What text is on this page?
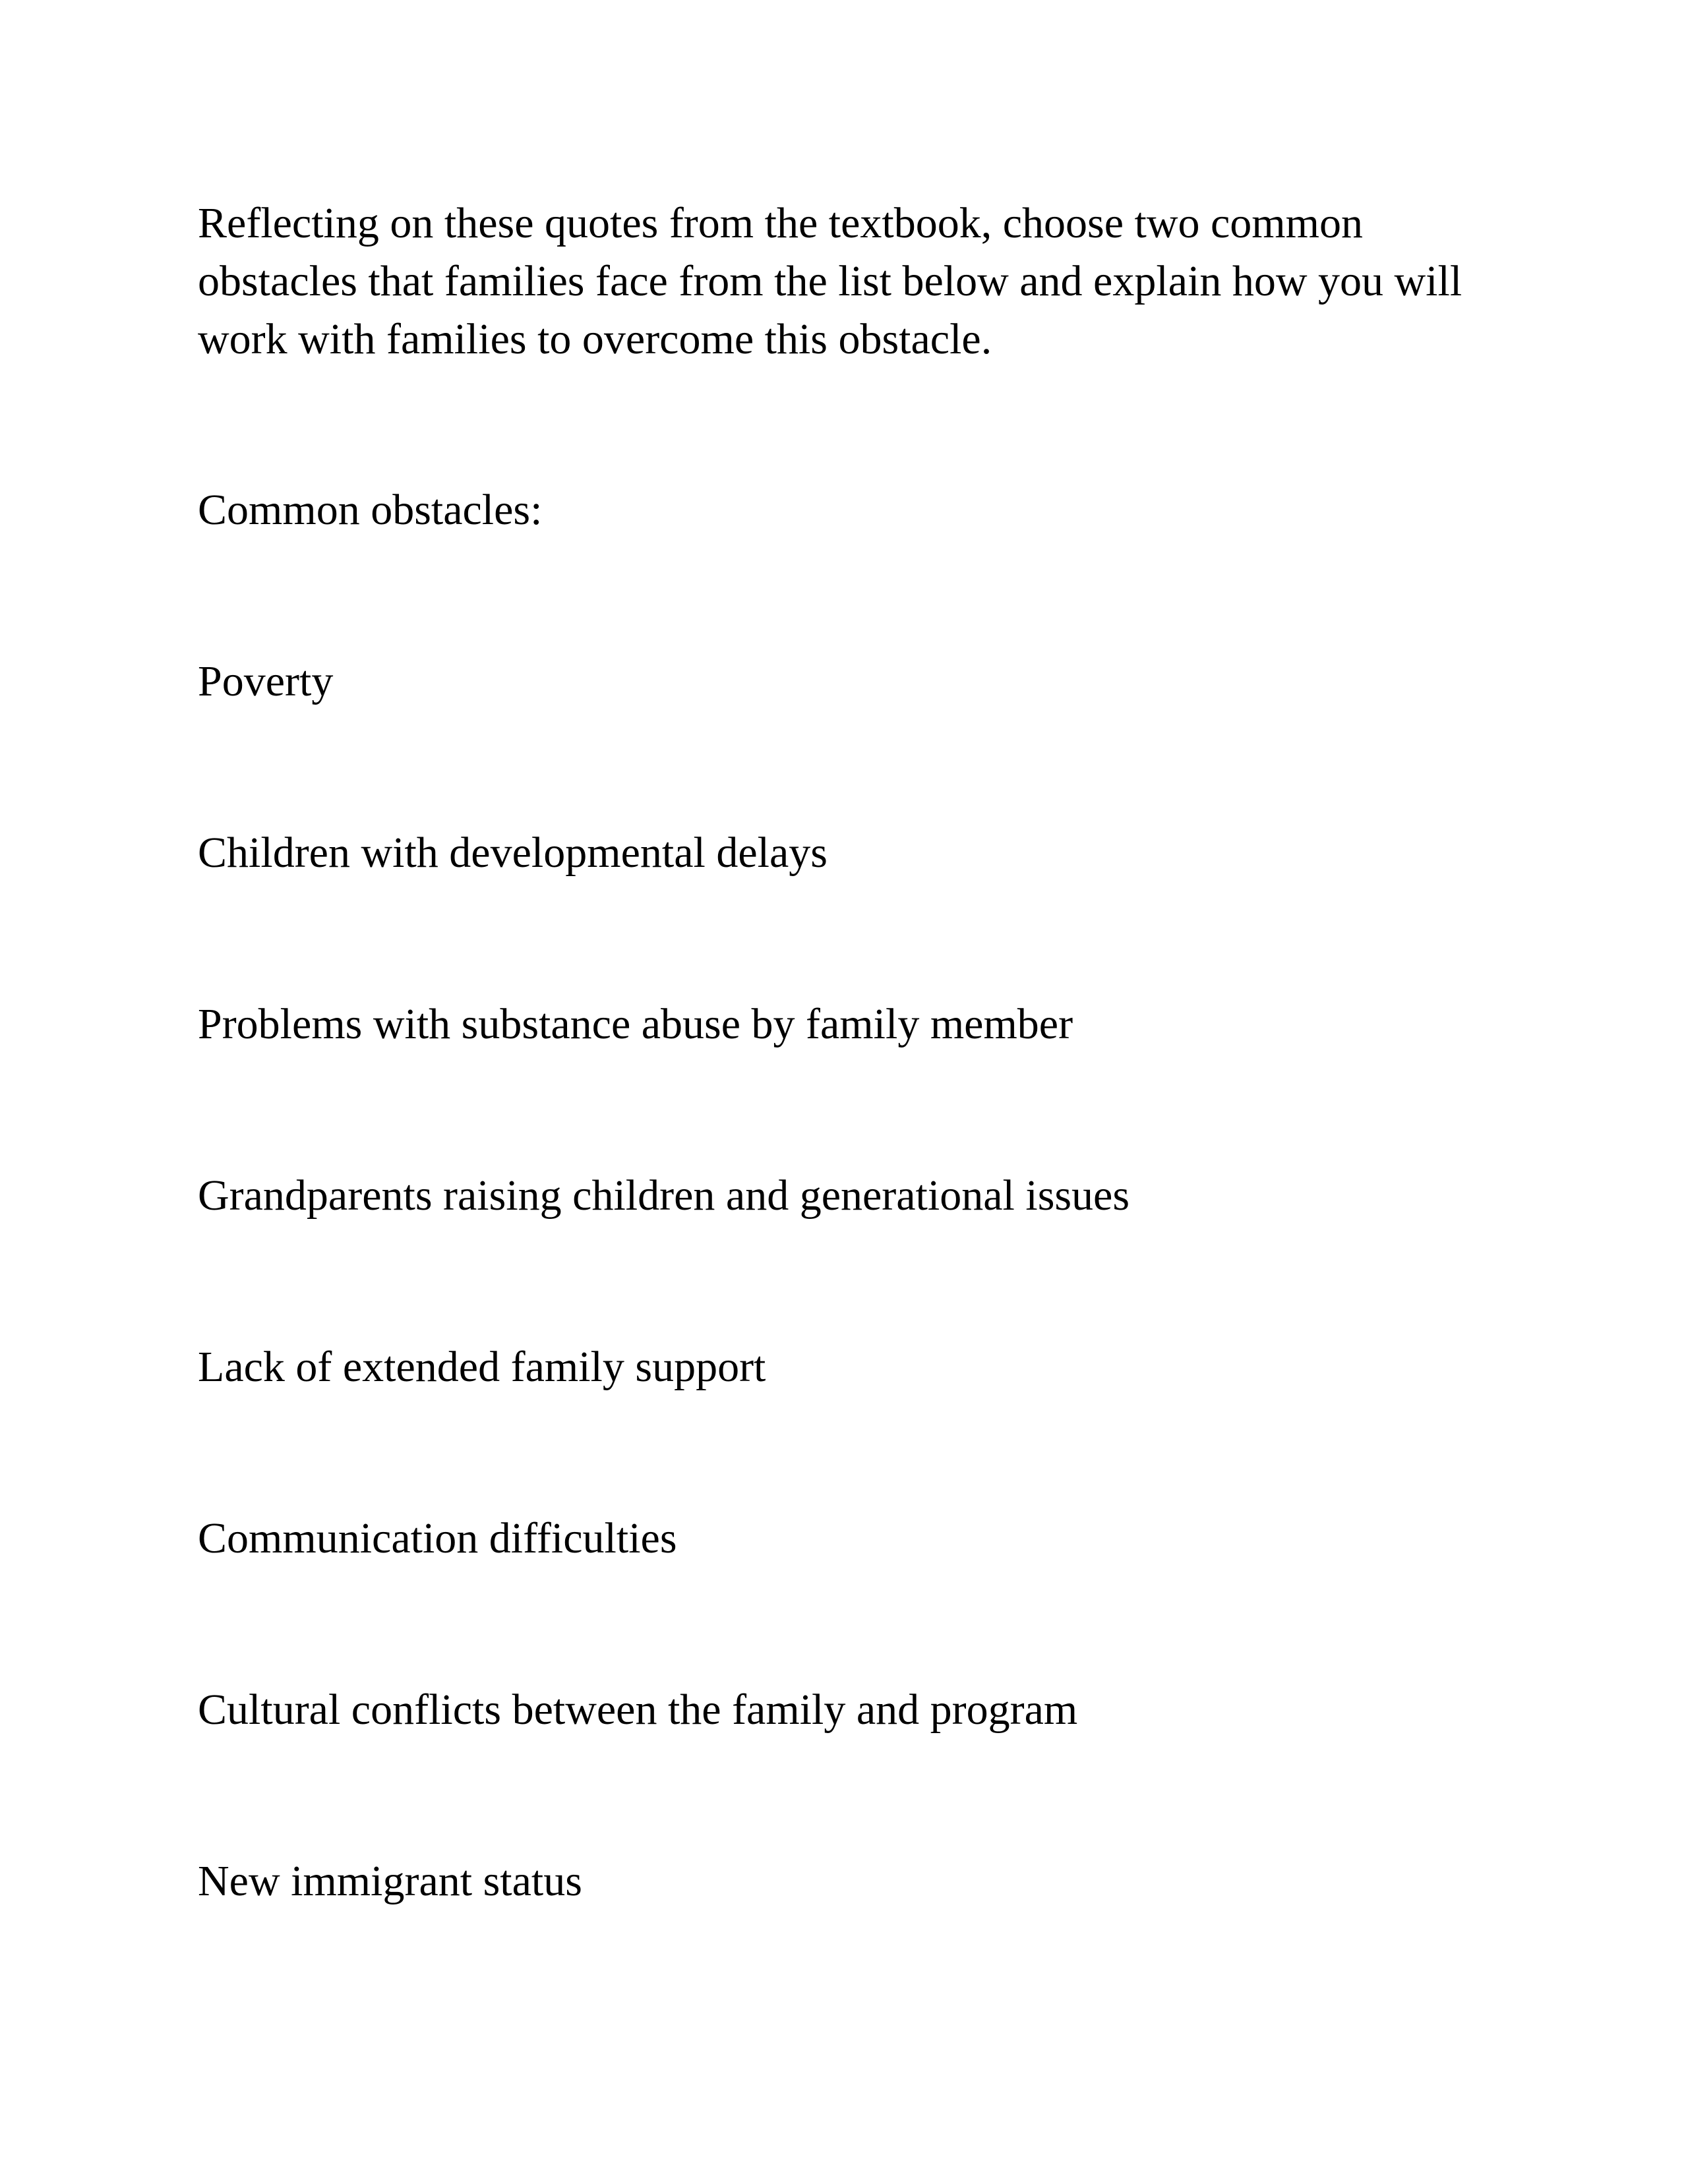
Reflecting on these quotes from the textbook, choose two common
obstacles that families face from the list below and explain how you will
work with families to overcome this obstacle.

Common obstacles:

Poverty

Children with developmental delays

Problems with substance abuse by family member

Grandparents raising children and generational issues

Lack of extended family support

Communication difficulties

Cultural conflicts between the family and program

New immigrant status
